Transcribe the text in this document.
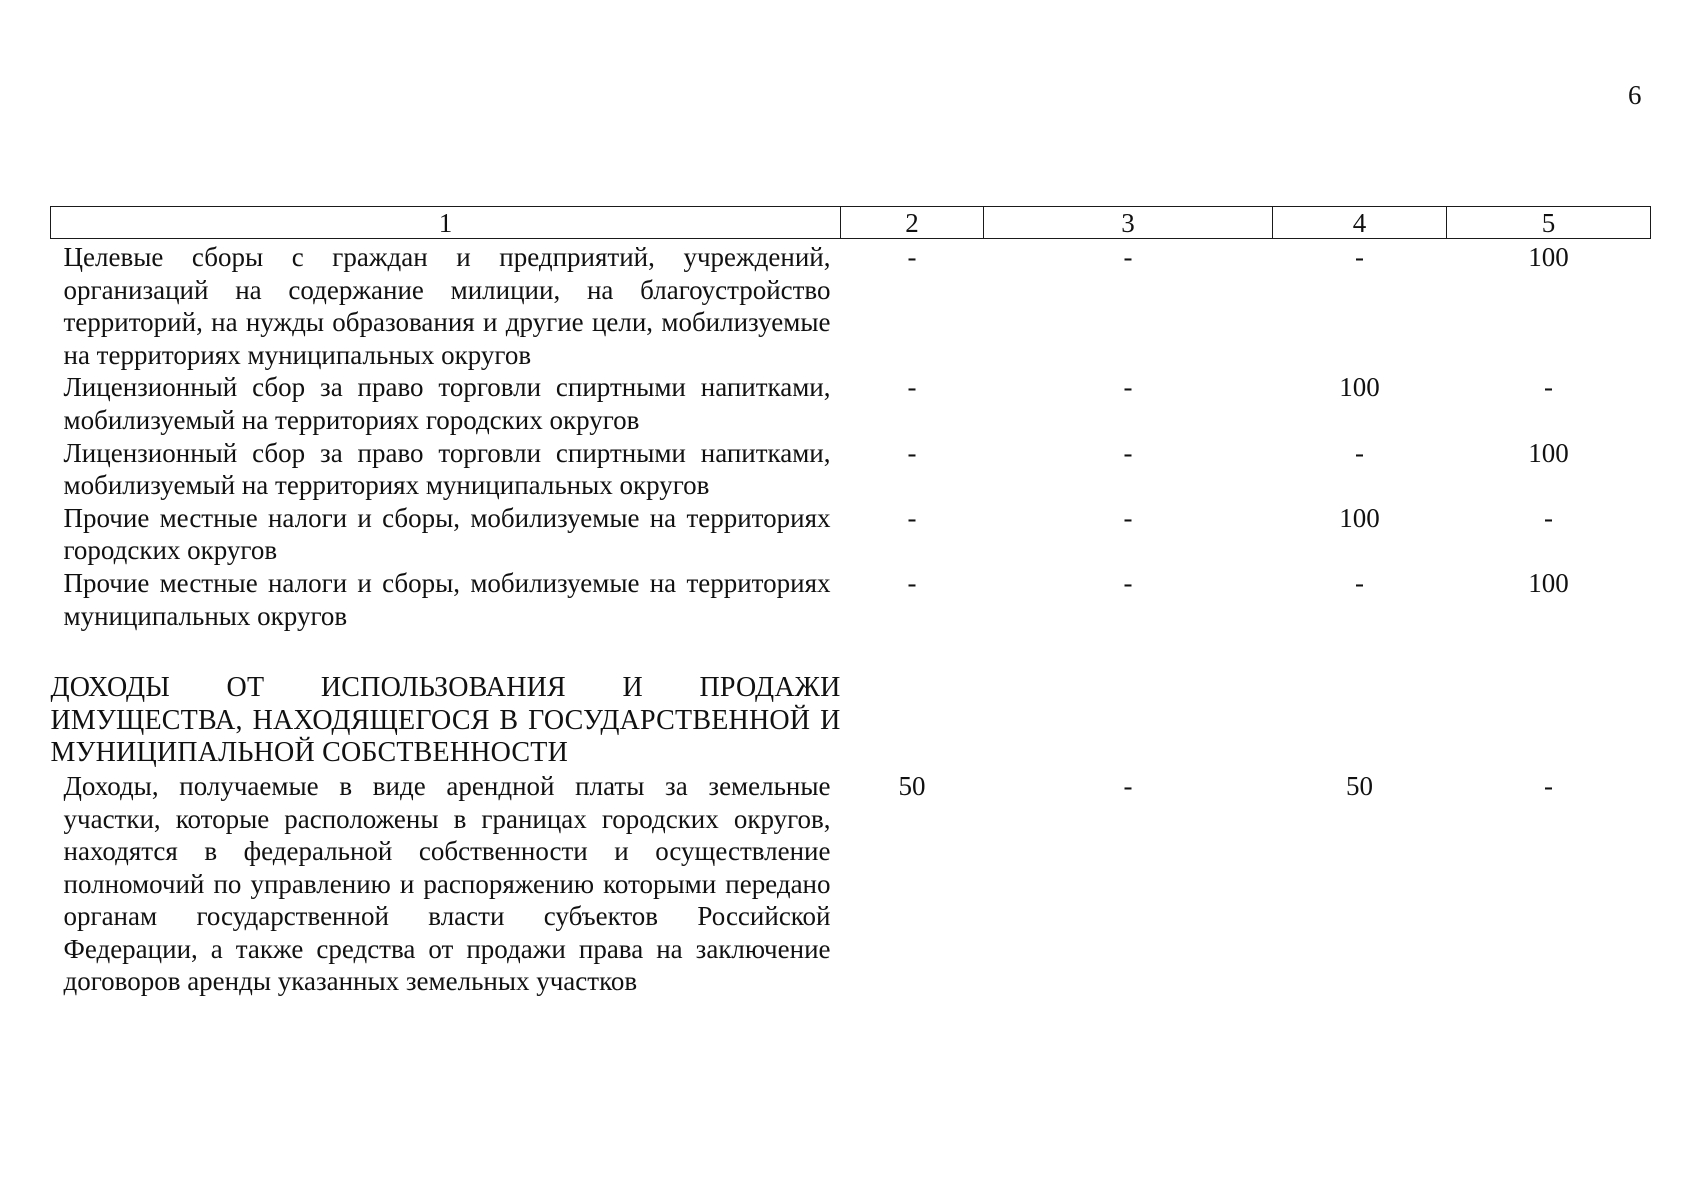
6
1	2	3	4	5
Целевые сборы с граждан и предприятий, учреждений, организаций на содержание милиции, на благоустройство территорий, на нужды образования и другие цели, мобилизуемые на территориях муниципальных округов	-	-	-	100
Лицензионный сбор за право торговли спиртными напитками, мобилизуемый на территориях городских округов	-	-	100	-
Лицензионный сбор за право торговли спиртными напитками, мобилизуемый на территориях муниципальных округов	-	-	-	100
Прочие местные налоги и сборы, мобилизуемые на территориях городских округов	-	-	100	-
Прочие местные налоги и сборы, мобилизуемые на территориях муниципальных округов	-	-	-	100

ДОХОДЫ ОТ ИСПОЛЬЗОВАНИЯ И ПРОДАЖИ ИМУЩЕСТВА, НАХОДЯЩЕГОСЯ В ГОСУДАРСТВЕННОЙ И МУНИЦИПАЛЬНОЙ СОБСТВЕННОСТИ				
Доходы, получаемые в виде арендной платы за земельные участки, которые расположены в границах городских округов, находятся в федеральной собственности и осуществление полномочий по управлению и распоряжению которыми передано органам государственной власти субъектов Российской Федерации, а также средства от продажи права на заключение договоров аренды указанных земельных участков	50	-	50	-
